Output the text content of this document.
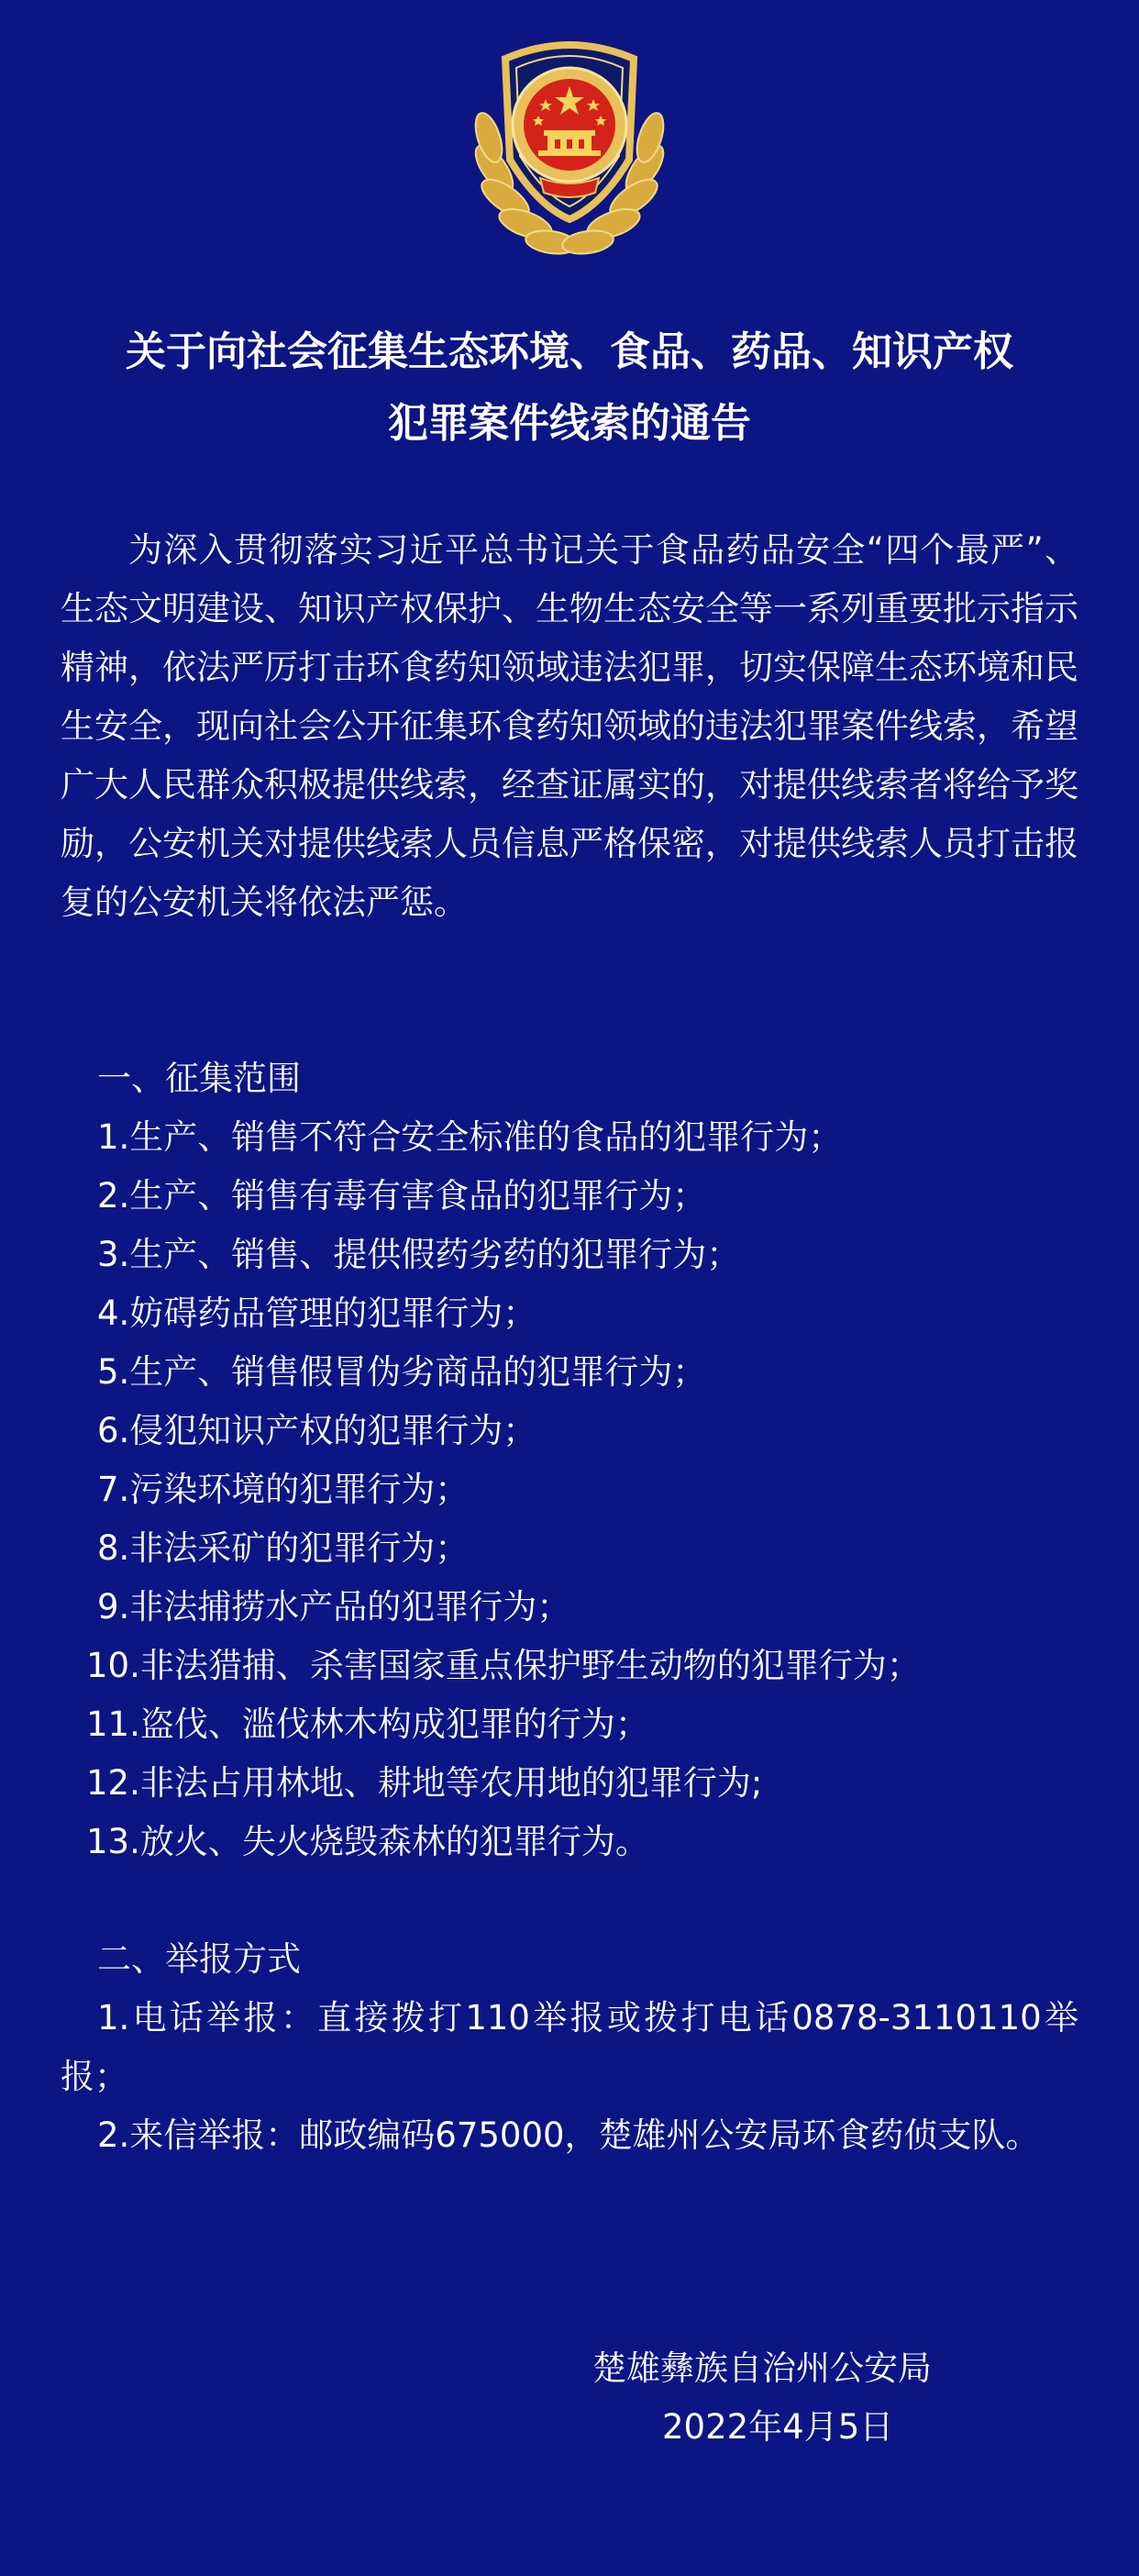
关于向社会征集生态环境、食品、药品、知识产权
犯罪案件线索的通告

为深入贯彻落实习近平总书记关于食品药品安全“四个最严”、生态文明建设、知识产权保护、生物生态安全等一系列重要批示指示精神，依法严厉打击环食药知领域违法犯罪，切实保障生态环境和民生安全，现向社会公开征集环食药知领域的违法犯罪案件线索，希望广大人民群众积极提供线索，经查证属实的，对提供线索者将给予奖励，公安机关对提供线索人员信息严格保密，对提供线索人员打击报复的公安机关将依法严惩。

一、征集范围
1.生产、销售不符合安全标准的食品的犯罪行为；
2.生产、销售有毒有害食品的犯罪行为；
3.生产、销售、提供假药劣药的犯罪行为；
4.妨碍药品管理的犯罪行为；
5.生产、销售假冒伪劣商品的犯罪行为；
6.侵犯知识产权的犯罪行为；
7.污染环境的犯罪行为；
8.非法采矿的犯罪行为；
9.非法捕捞水产品的犯罪行为；
10.非法猎捕、杀害国家重点保护野生动物的犯罪行为；
11.盗伐、滥伐林木构成犯罪的行为；
12.非法占用林地、耕地等农用地的犯罪行为;
13.放火、失火烧毁森林的犯罪行为。
二、举报方式
1.电话举报：直接拨打110举报或拨打电话0878-3110110举报；
2.来信举报：邮政编码675000，楚雄州公安局环食药侦支队。
楚雄彝族自治州公安局
2022年4月5日
